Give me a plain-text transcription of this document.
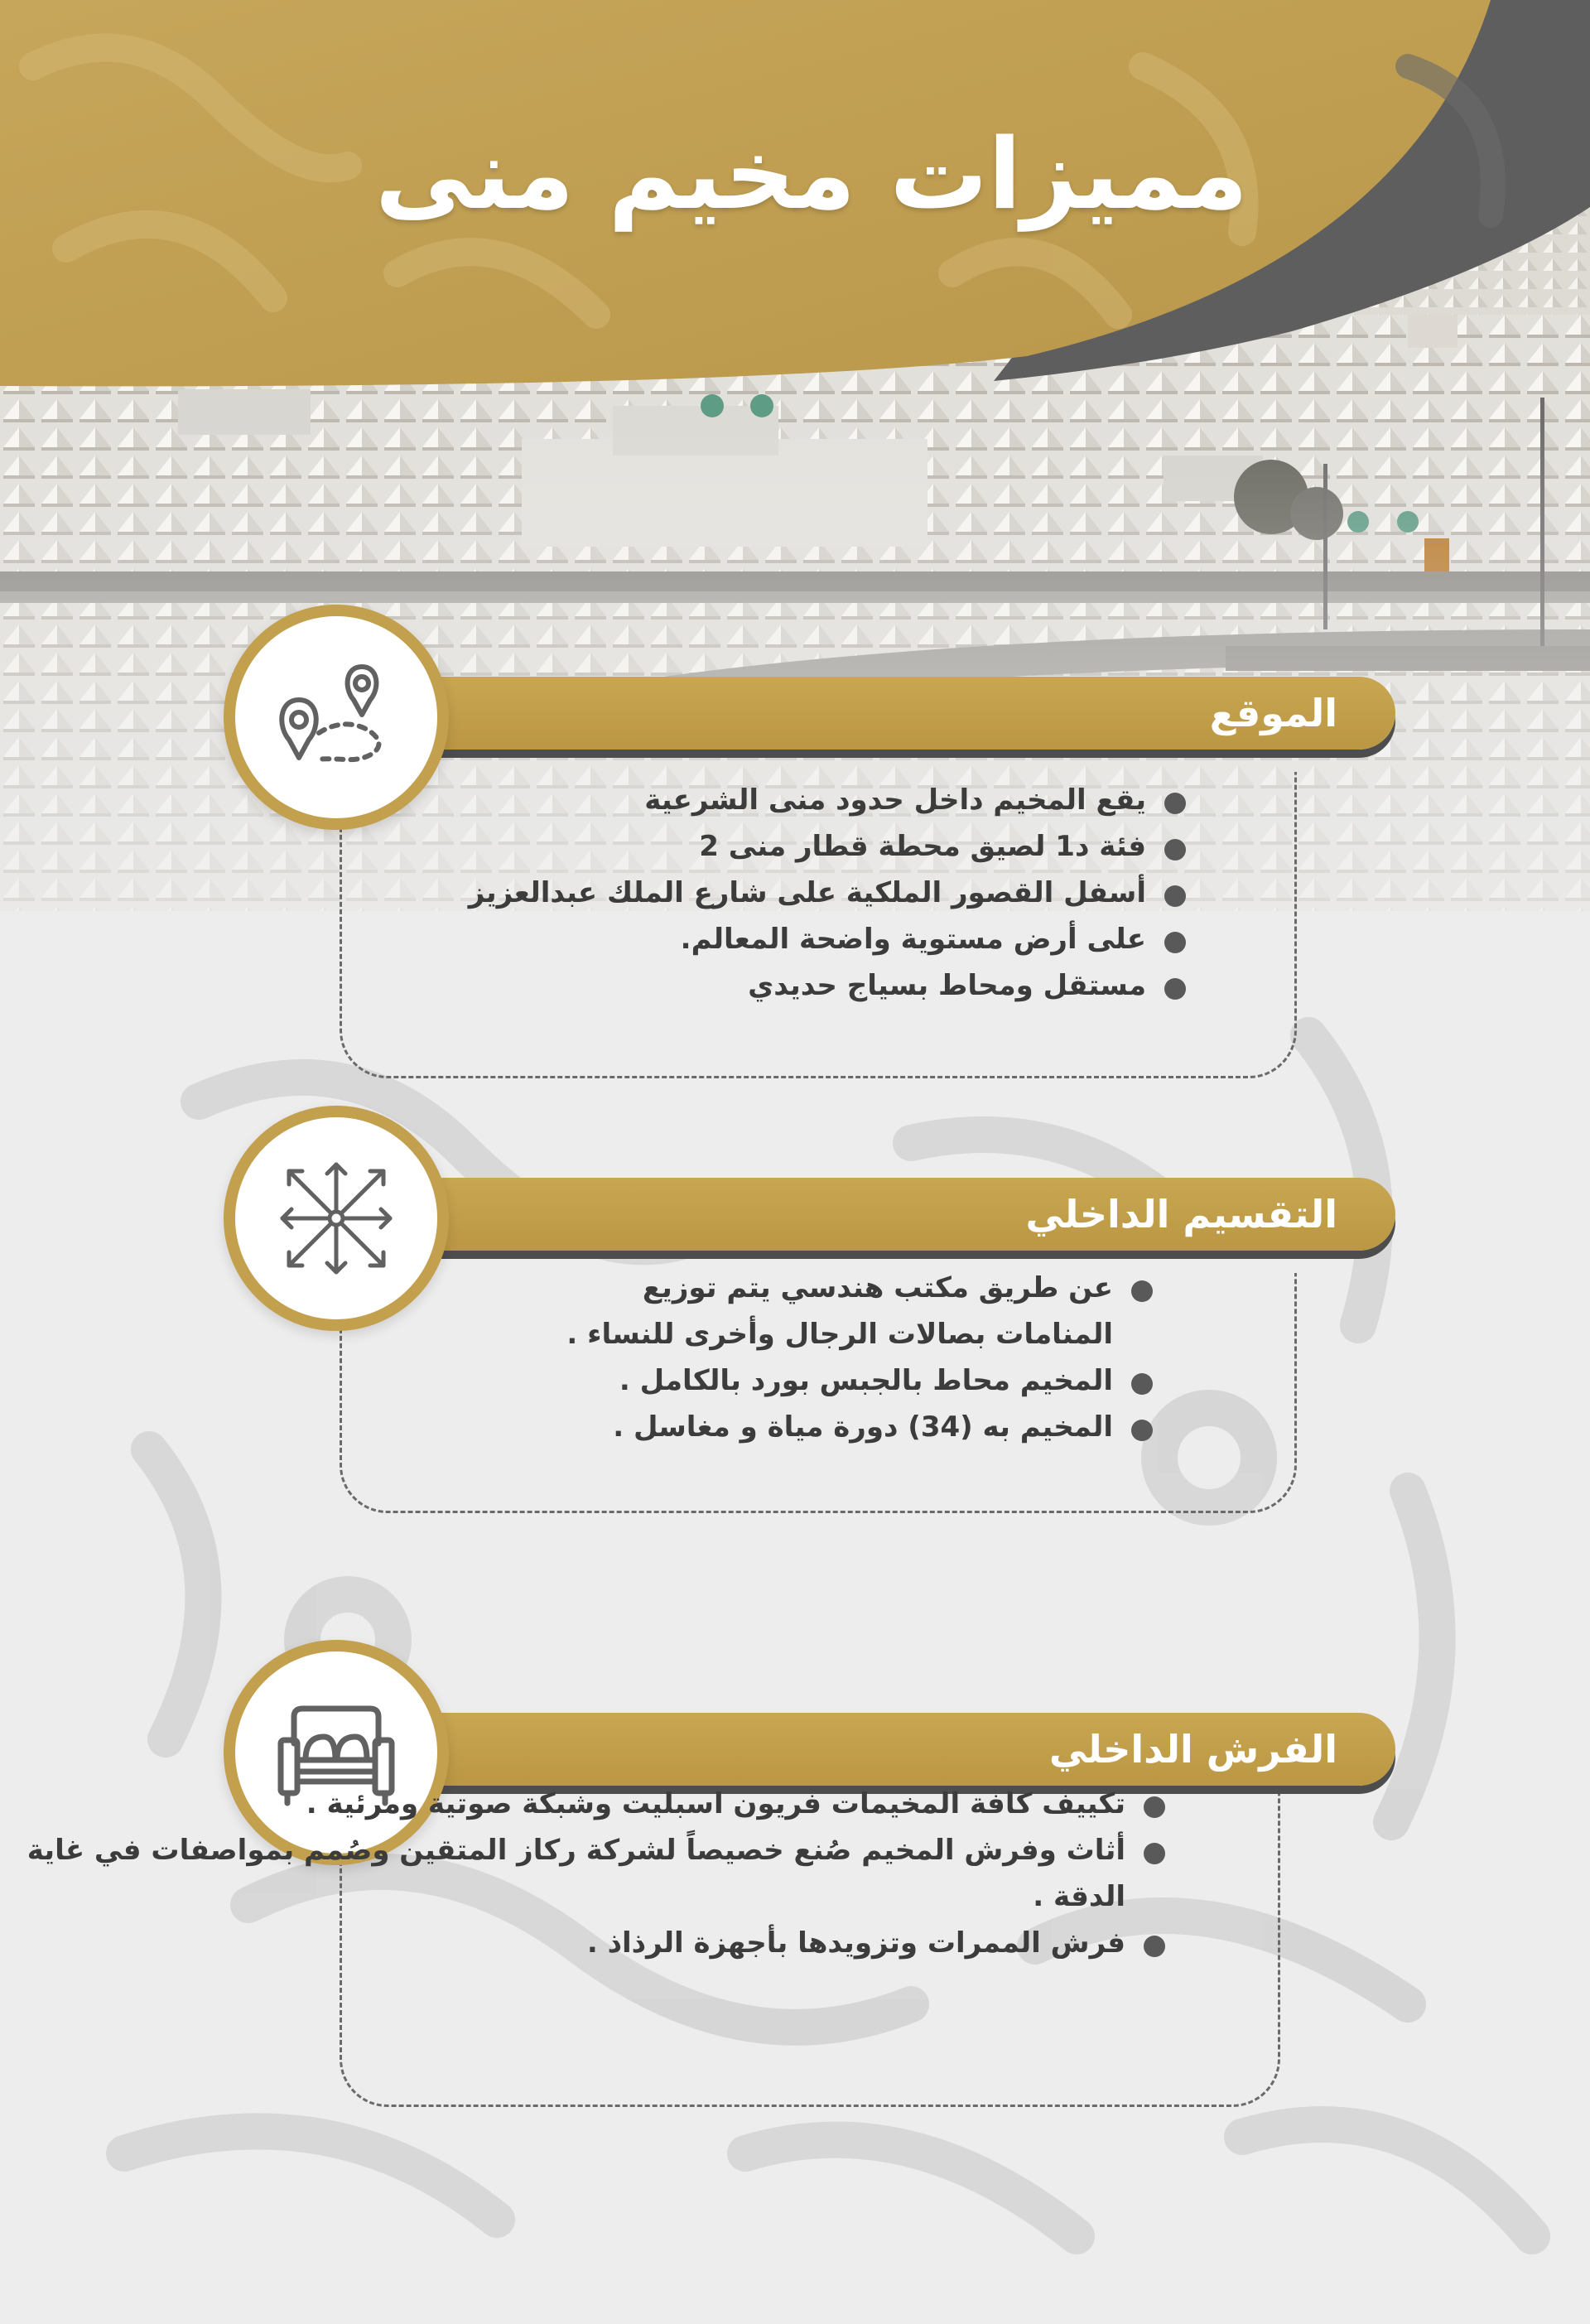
مميزات مخيم منى
الموقع
يقع المخيم داخل حدود منى الشرعية
فئة د1 لصيق محطة قطار منى 2
أسفل القصور الملكية على شارع الملك عبدالعزيز
على أرض مستوية واضحة المعالم.
مستقل ومحاط بسياج حديدي
التقسيم الداخلي
عن طريق مكتب هندسي يتم توزيع المنامات بصالات الرجال وأخرى للنساء .
المخيم محاط بالجبس بورد بالكامل .
المخيم به (34) دورة مياة و مغاسل .
الفرش الداخلي
تكييف كافة المخيمات فريون اسبليت وشبكة صوتية ومرئية .
أثاث وفرش المخيم صُنع خصيصاً لشركة ركاز المتقين وصُمم بمواصفات في غاية الدقة .
فرش الممرات وتزويدها بأجهزة الرذاذ .
